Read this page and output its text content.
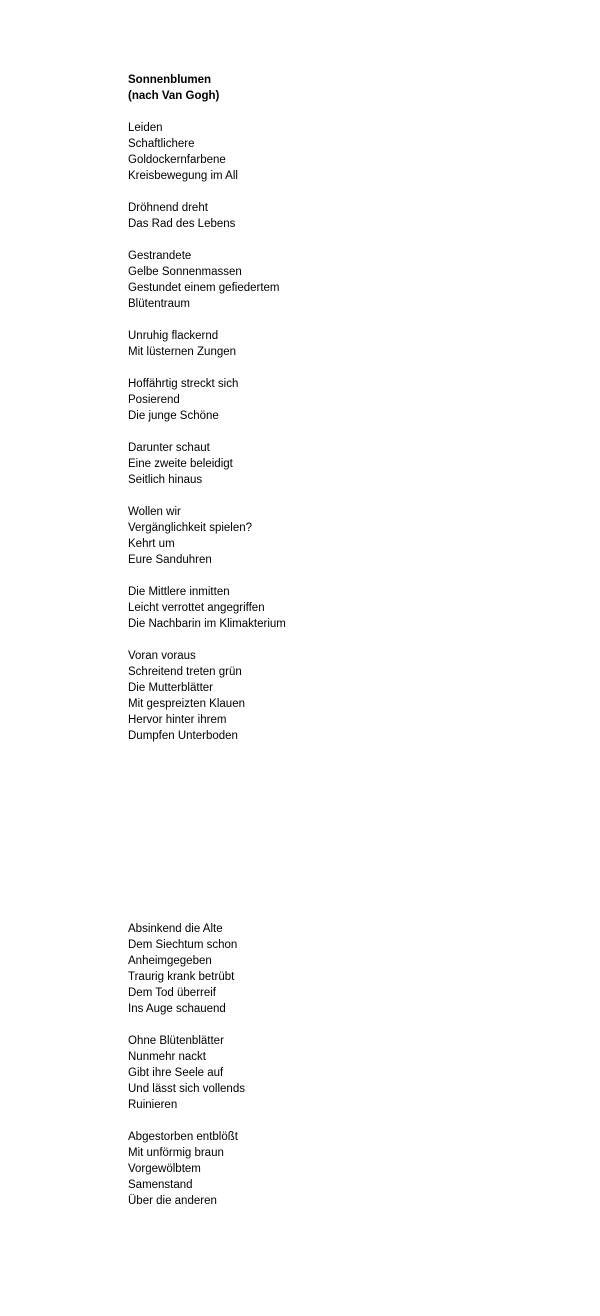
Sonnenblumen
(nach Van Gogh)
Leiden
Schaftlichere
Goldockernfarbene
Kreisbewegung im All
Dröhnend dreht
Das Rad des Lebens
Gestrandete
Gelbe Sonnenmassen
Gestundet einem gefiedertem
Blütentraum
Unruhig flackernd
Mit lüsternen Zungen
Hoffährtig streckt sich
Posierend
Die junge Schöne
Darunter schaut
Eine zweite beleidigt
Seitlich hinaus
Wollen wir
Vergänglichkeit spielen?
Kehrt um
Eure Sanduhren
Die Mittlere inmitten
Leicht verrottet angegriffen
Die Nachbarin im Klimakterium
Voran voraus
Schreitend treten grün
Die Mutterblätter
Mit gespreizten Klauen
Hervor hinter ihrem
Dumpfen Unterboden
Absinkend die Alte
Dem Siechtum schon
Anheimgegeben
Traurig krank betrübt
Dem Tod überreif
Ins Auge schauend
Ohne Blütenblätter
Nunmehr nackt
Gibt ihre Seele auf
Und lässt sich vollends
Ruinieren
Abgestorben entblößt
Mit unförmig braun
Vorgewölbtem
Samenstand
Über die anderen
